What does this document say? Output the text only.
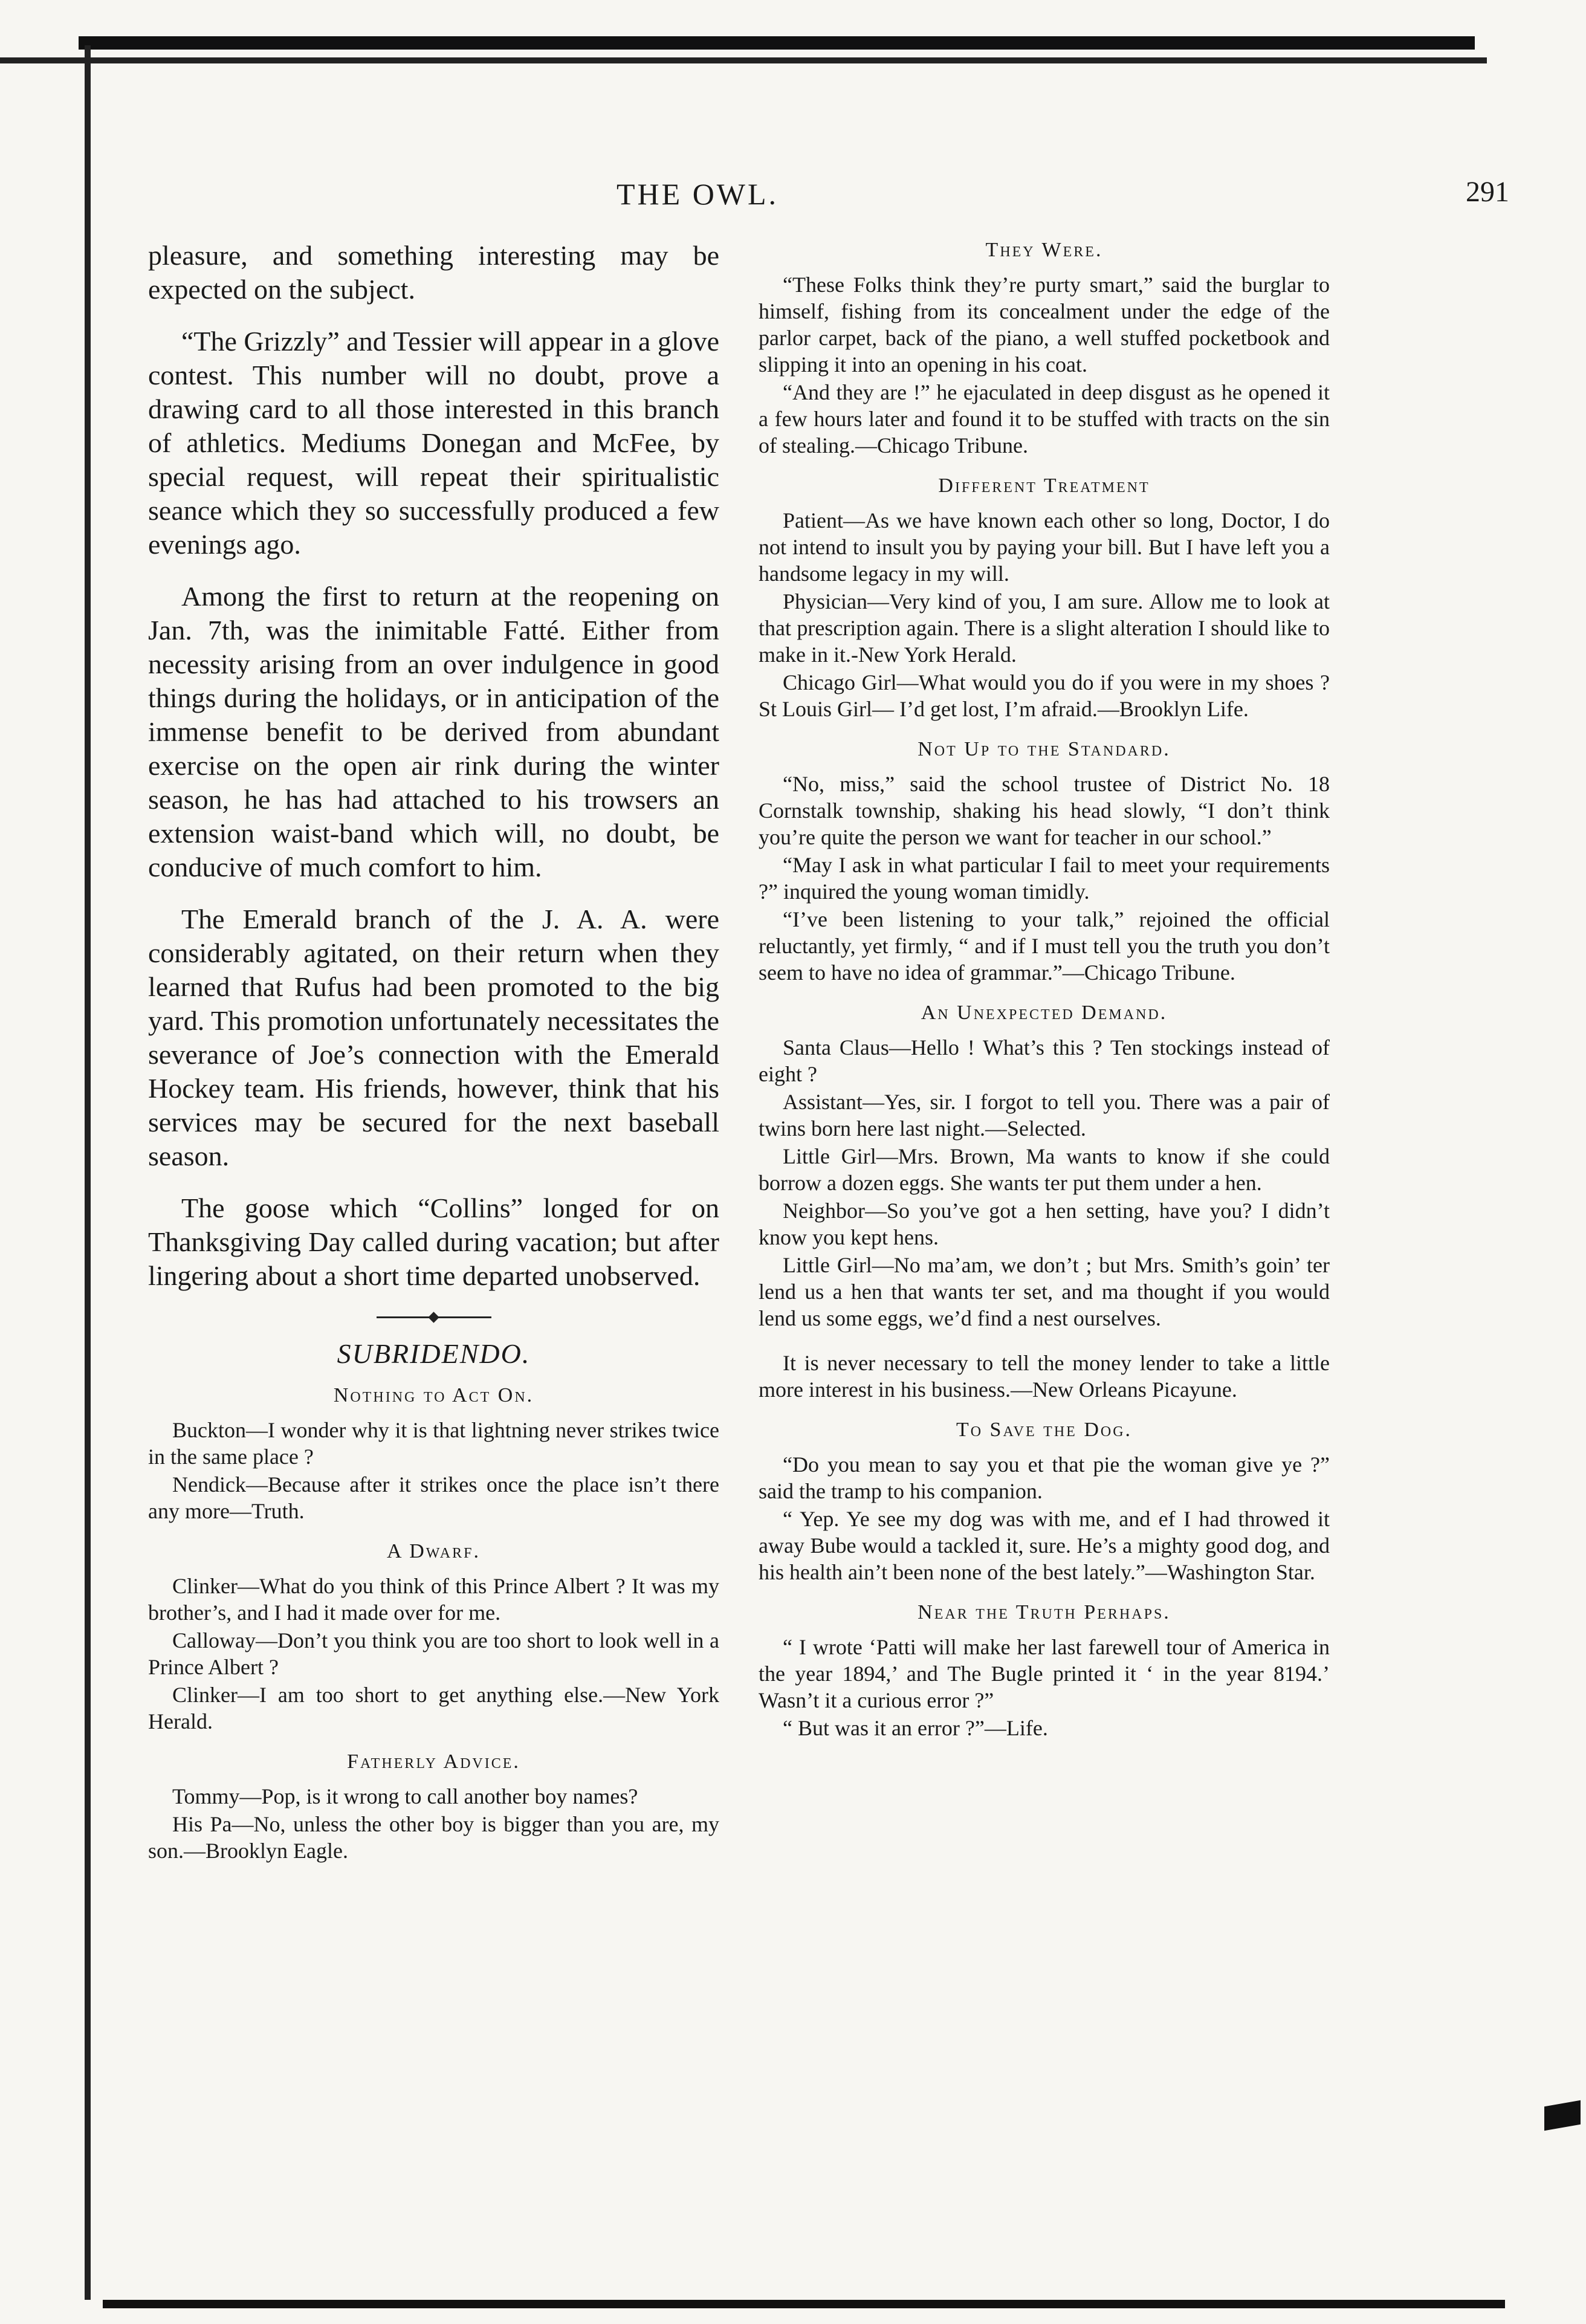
THE OWL.	291

pleasure, and something interesting may be expected on the subject.

“The Grizzly” and Tessier will appear in a glove contest. This number will no doubt, prove a drawing card to all those interested in this branch of athletics. Mediums Donegan and McFee, by special request, will repeat their spiritualistic seance which they so successfully produced a few evenings ago.

Among the first to return at the reopening on Jan. 7th, was the inimitable Fatté. Either from necessity arising from an over indulgence in good things during the holidays, or in anticipation of the immense benefit to be derived from abundant exercise on the open air rink during the winter season, he has had attached to his trowsers an extension waist-band which will, no doubt, be conducive of much comfort to him.

The Emerald branch of the J. A. A. were considerably agitated, on their return when they learned that Rufus had been promoted to the big yard. This promotion unfortunately necessitates the severance of Joe’s connection with the Emerald Hockey team. His friends, however, think that his services may be secured for the next baseball season.

The goose which “Collins” longed for on Thanksgiving Day called during vacation; but after lingering about a short time departed unobserved.

SUBRIDENDO.
Nothing to Act On.

Buckton—I wonder why it is that lightning never strikes twice in the same place ?

Nendick—Because after it strikes once the place isn’t there any more—Truth.

A Dwarf.

Clinker—What do you think of this Prince Albert ? It was my brother’s, and I had it made over for me.

Calloway—Don’t you think you are too short to look well in a Prince Albert ?

Clinker—I am too short to get anything else.—New York Herald.

Fatherly Advice.

Tommy—Pop, is it wrong to call another boy names?

His Pa—No, unless the other boy is bigger than you are, my son.—Brooklyn Eagle.

They Were.

“These Folks think they’re purty smart,” said the burglar to himself, fishing from its concealment under the edge of the parlor carpet, back of the piano, a well stuffed pocketbook and slipping it into an opening in his coat.

“And they are !” he ejaculated in deep disgust as he opened it a few hours later and found it to be stuffed with tracts on the sin of stealing.—Chicago Tribune.

Different Treatment

Patient—As we have known each other so long, Doctor, I do not intend to insult you by paying your bill. But I have left you a handsome legacy in my will.

Physician—Very kind of you, I am sure. Allow me to look at that prescription again. There is a slight alteration I should like to make in it.-New York Herald.

Chicago Girl—What would you do if you were in my shoes ? St Louis Girl— I’d get lost, I’m afraid.—Brooklyn Life.

Not Up to the Standard.

“No, miss,” said the school trustee of District No. 18 Cornstalk township, shaking his head slowly, “I don’t think you’re quite the person we want for teacher in our school.”

“May I ask in what particular I fail to meet your requirements ?” inquired the young woman timidly.

“I’ve been listening to your talk,” rejoined the official reluctantly, yet firmly, “ and if I must tell you the truth you don’t seem to have no idea of grammar.”—Chicago Tribune.

An Unexpected Demand.

Santa Claus—Hello ! What’s this ? Ten stockings instead of eight ?

Assistant—Yes, sir. I forgot to tell you. There was a pair of twins born here last night.—Selected.

Little Girl—Mrs. Brown, Ma wants to know if she could borrow a dozen eggs. She wants ter put them under a hen.

Neighbor—So you’ve got a hen setting, have you? I didn’t know you kept hens.

Little Girl—No ma’am, we don’t ; but Mrs. Smith’s goin’ ter lend us a hen that wants ter set, and ma thought if you would lend us some eggs, we’d find a nest ourselves.

It is never necessary to tell the money lender to take a little more interest in his business.—New Orleans Picayune.

To Save the Dog.

“Do you mean to say you et that pie the woman give ye ?” said the tramp to his companion.

“ Yep. Ye see my dog was with me, and ef I had throwed it away Bube would a tackled it, sure. He’s a mighty good dog, and his health ain’t been none of the best lately.”—Washington Star.

Near the Truth Perhaps.

“ I wrote ‘Patti will make her last farewell tour of America in the year 1894,’ and The Bugle printed it ‘ in the year 8194.’ Wasn’t it a curious error ?”

“ But was it an error ?”—Life.
